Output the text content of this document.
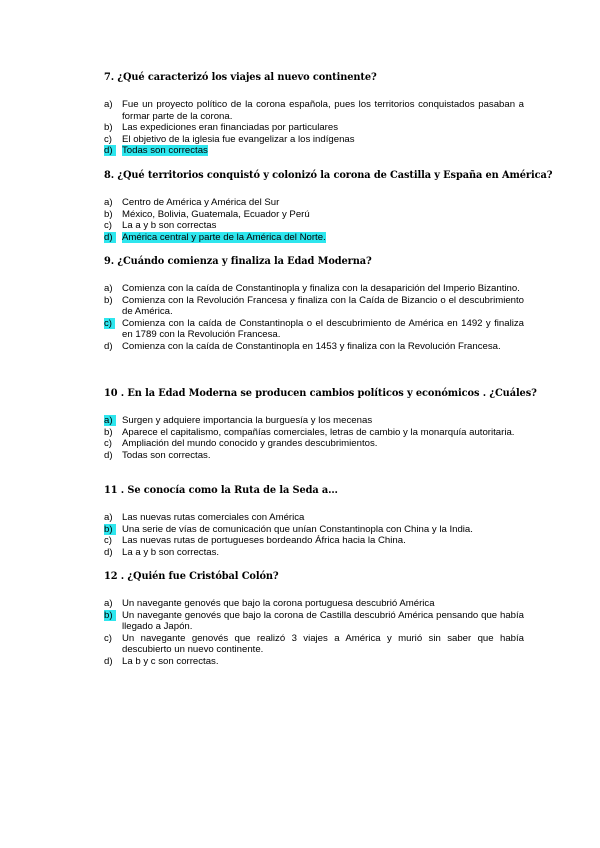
7. ¿Qué caracterizó los viajes al nuevo continente?
a) Fue un proyecto político de la corona española, pues los territorios conquistados pasaban a formar parte de la corona.
b) Las expediciones eran financiadas por particulares
c)	El objetivo de la iglesia fue evangelizar a los indígenas
d) Todas son correctas
8. ¿Qué territorios conquistó y colonizó la corona de Castilla y España en América?
a) Centro de América y América del Sur
b) México, Bolivia, Guatemala, Ecuador y Perú
c)	La a y b son correctas
d) América central y parte de la América del Norte.
9. ¿Cuándo comienza y finaliza la Edad Moderna?
a) Comienza con la caída de Constantinopla y finaliza con la desaparición del Imperio Bizantino.
b) Comienza con la Revolución Francesa y finaliza con la Caída de Bizancio o el descubrimiento de América.
c)	Comienza con la caída de Constantinopla o el descubrimiento de América en 1492 y finaliza en 1789 con la Revolución Francesa.
d) Comienza con la caída de Constantinopla en 1453 y finaliza con la Revolución Francesa.
10 . En la Edad Moderna se producen cambios políticos y económicos . ¿Cuáles?
a) Surgen y adquiere importancia la burguesía y los mecenas
b) Aparece el capitalismo, compañías comerciales, letras de cambio y la monarquía autoritaria.
c)	Ampliación del mundo conocido y grandes descubrimientos.
d) Todas son correctas.
11 . Se conocía como la Ruta de la Seda a…
a) Las nuevas rutas comerciales con América
b) Una serie de vías de comunicación que unían Constantinopla con China y la India.
c)	Las nuevas rutas de portugueses bordeando África hacia la China.
d) La a y b son correctas.
12 . ¿Quién fue Cristóbal Colón?
a) Un navegante genovés que bajo la corona portuguesa descubrió América
b) Un navegante genovés que bajo la corona de Castilla descubrió América pensando que había llegado a Japón.
c)	Un navegante genovés que realizó 3 viajes a América y murió sin saber que había descubierto un nuevo continente.
d) La b y c son correctas.
